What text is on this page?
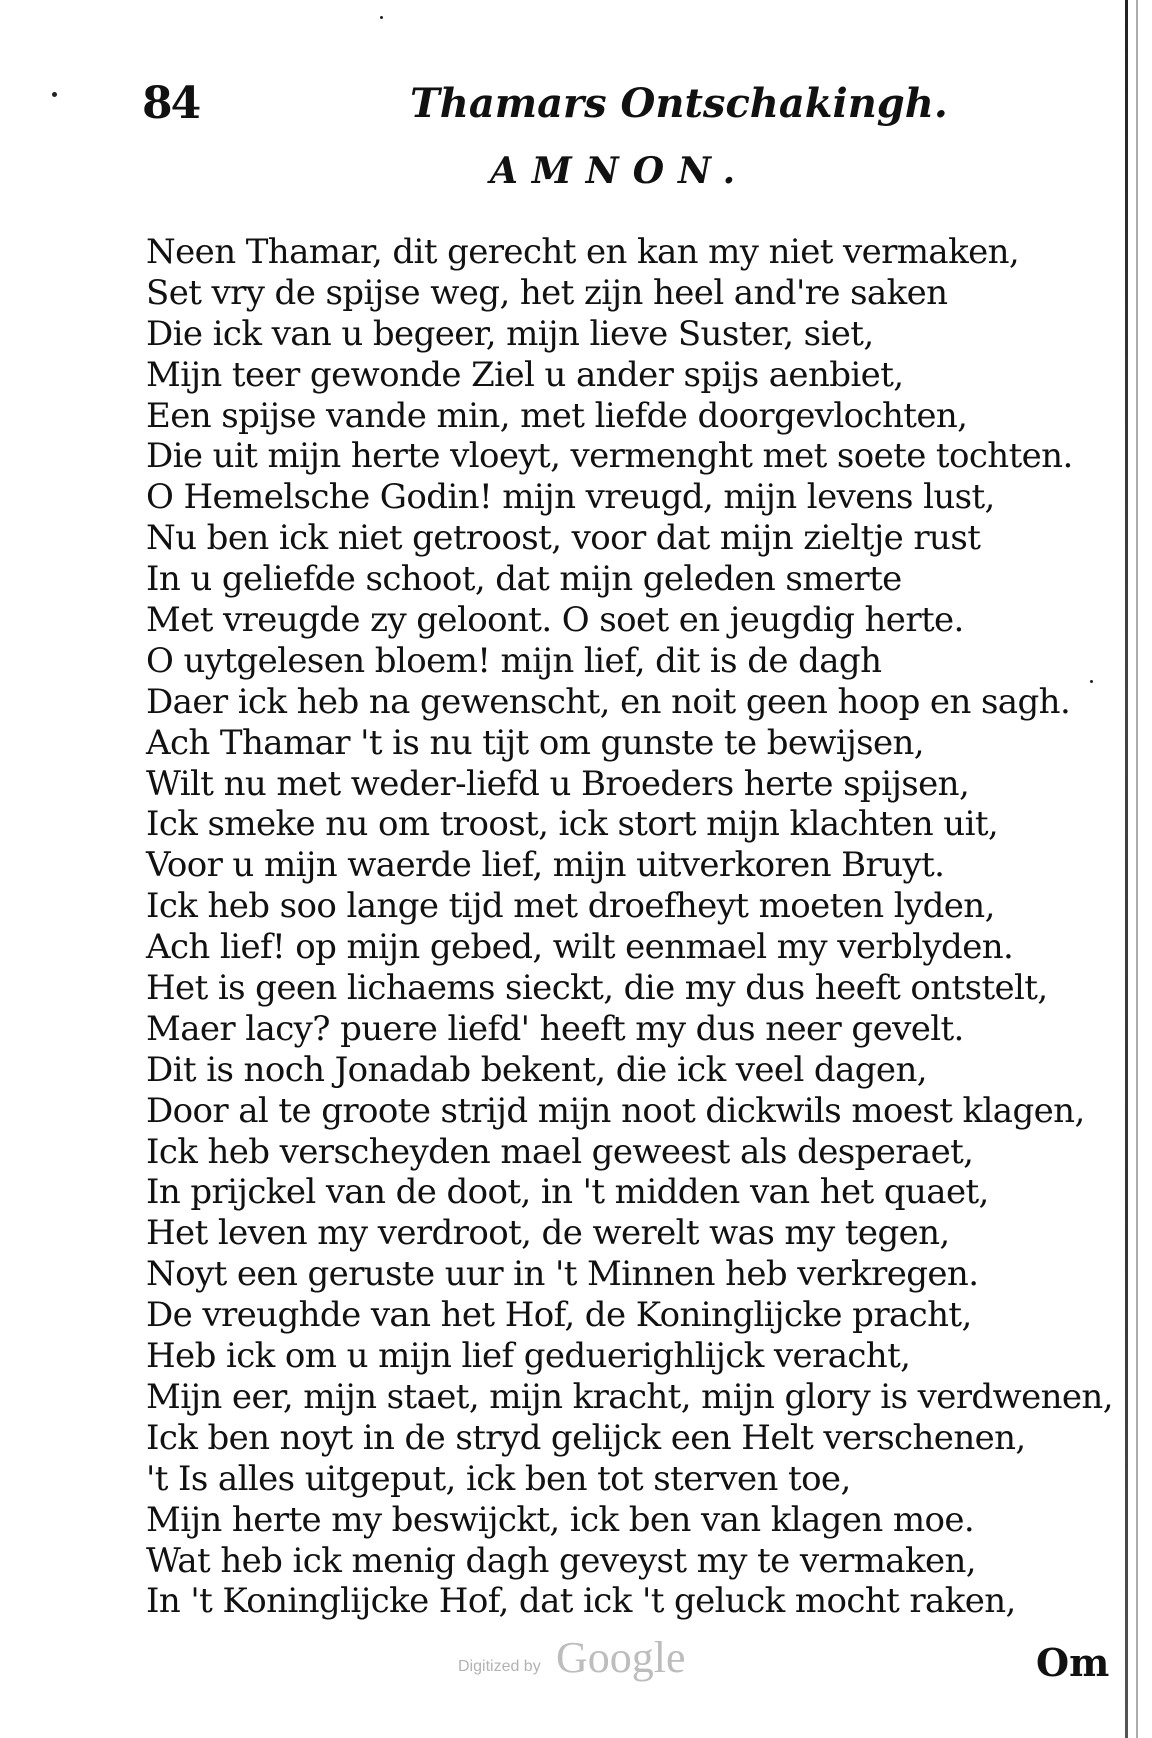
84	Thamars Ontschakingh.
AMNON.
Neen Thamar, dit gerecht en kan my niet vermaken,
Set vry de spijse weg, het zijn heel and're saken
Die ick van u begeer, mijn lieve Suster, siet,
Mijn teer gewonde Ziel u ander spijs aenbiet,
Een spijse vande min, met liefde doorgevlochten,
Die uit mijn herte vloeyt, vermenght met soete tochten.
O Hemelsche Godin! mijn vreugd, mijn levens lust,
Nu ben ick niet getroost, voor dat mijn zieltje rust
In u geliefde schoot, dat mijn geleden smerte
Met vreugde zy geloont. O soet en jeugdig herte.
O uytgelesen bloem! mijn lief, dit is de dagh
Daer ick heb na gewenscht, en noit geen hoop en sagh.
Ach Thamar 't is nu tijt om gunste te bewijsen,
Wilt nu met weder-liefd u Broeders herte spijsen,
Ick smeke nu om troost, ick stort mijn klachten uit,
Voor u mijn waerde lief, mijn uitverkoren Bruyt.
Ick heb soo lange tijd met droefheyt moeten lyden,
Ach lief! op mijn gebed, wilt eenmael my verblyden.
Het is geen lichaems sieckt, die my dus heeft ontstelt,
Maer lacy? puere liefd' heeft my dus neer gevelt.
Dit is noch Jonadab bekent, die ick veel dagen,
Door al te groote strijd mijn noot dickwils moest klagen,
Ick heb verscheyden mael geweest als desperaet,
In prijckel van de doot, in 't midden van het quaet,
Het leven my verdroot, de werelt was my tegen,
Noyt een geruste uur in 't Minnen heb verkregen.
De vreughde van het Hof, de Koninglijcke pracht,
Heb ick om u mijn lief geduerighlijck veracht,
Mijn eer, mijn staet, mijn kracht, mijn glory is verdwenen,
Ick ben noyt in de stryd gelijck een Helt verschenen,
't Is alles uitgeput, ick ben tot sterven toe,
Mijn herte my beswijckt, ick ben van klagen moe.
Wat heb ick menig dagh geveyst my te vermaken,
In 't Koninglijcke Hof, dat ick 't geluck mocht raken,
Digitized by Google	Om
